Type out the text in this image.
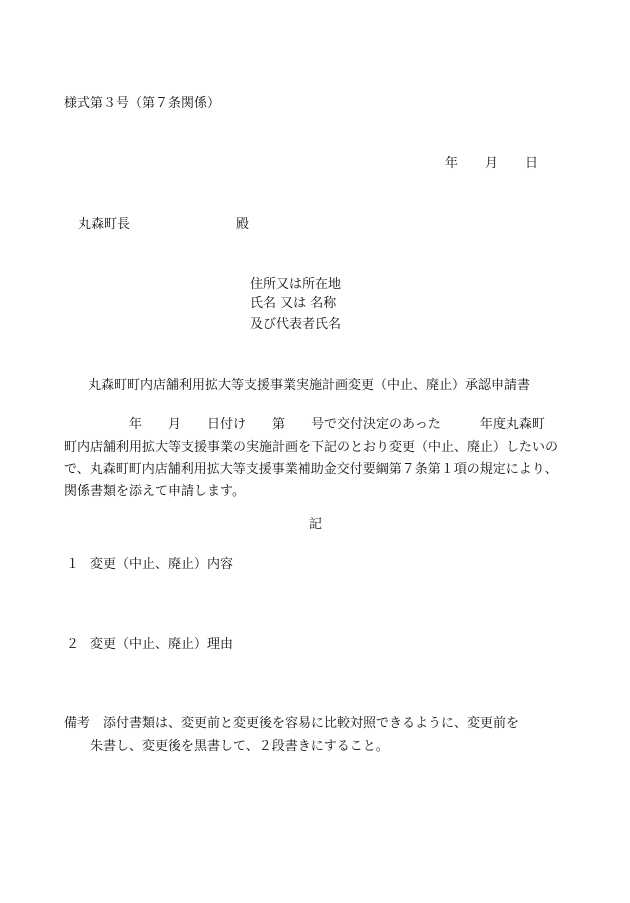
様式第３号（第７条関係）
年 月 日
丸森町長	殿
住所又は所在地
氏名 又は 名称
及び代表者氏名
丸森町町内店舗利用拡大等支援事業実施計画変更（中止、廃止）承認申請書
　　　　　年　　月　　日付け　　第　　号で交付決定のあった　　　年度丸森町
町内店舗利用拡大等支援事業の実施計画を下記のとおり変更（中止、廃止）したいの
で、丸森町町内店舗利用拡大等支援事業補助金交付要綱第７条第１項の規定により、
関係書類を添えて申請します。
記
１ 変更（中止、廃止）内容
２ 変更（中止、廃止）理由
備考 添付書類は、変更前と変更後を容易に比較対照できるように、変更前を
朱書し、変更後を黒書して、２段書きにすること。
